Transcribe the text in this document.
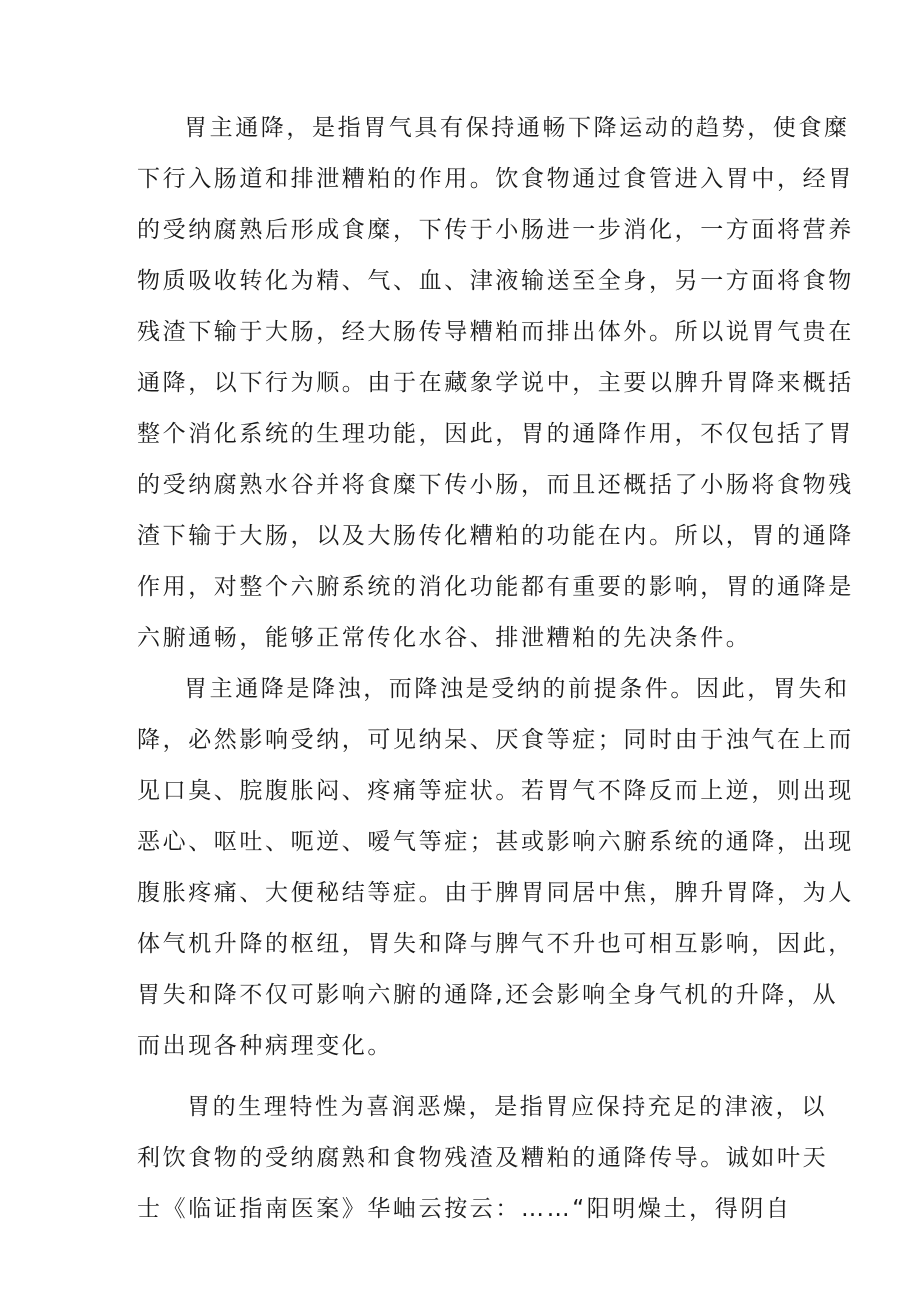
胃主通降，是指胃气具有保持通畅下降运动的趋势，使食糜
下行入肠道和排泄糟粕的作用。饮食物通过食管进入胃中，经胃
的受纳腐熟后形成食糜，下传于小肠进一步消化，一方面将营养
物质吸收转化为精、气、血、津液输送至全身，另一方面将食物
残渣下输于大肠，经大肠传导糟粕而排出体外。所以说胃气贵在
通降，以下行为顺。由于在藏象学说中，主要以脾升胃降来概括
整个消化系统的生理功能，因此，胃的通降作用，不仅包括了胃
的受纳腐熟水谷并将食糜下传小肠，而且还概括了小肠将食物残
渣下输于大肠，以及大肠传化糟粕的功能在内。所以，胃的通降
作用，对整个六腑系统的消化功能都有重要的影响，胃的通降是
六腑通畅，能够正常传化水谷、排泄糟粕的先决条件。
胃主通降是降浊，而降浊是受纳的前提条件。因此，胃失和
降，必然影响受纳，可见纳呆、厌食等症；同时由于浊气在上而
见口臭、脘腹胀闷、疼痛等症状。若胃气不降反而上逆，则出现
恶心、呕吐、呃逆、嗳气等症；甚或影响六腑系统的通降，出现
腹胀疼痛、大便秘结等症。由于脾胃同居中焦，脾升胃降，为人
体气机升降的枢纽，胃失和降与脾气不升也可相互影响，因此，
胃失和降不仅可影响六腑的通降,还会影响全身气机的升降，从
而出现各种病理变化。
胃的生理特性为喜润恶燥，是指胃应保持充足的津液，以
利饮食物的受纳腐熟和食物残渣及糟粕的通降传导。诚如叶天
士《临证指南医案》华岫云按云：……“阳明燥土，得阴自
